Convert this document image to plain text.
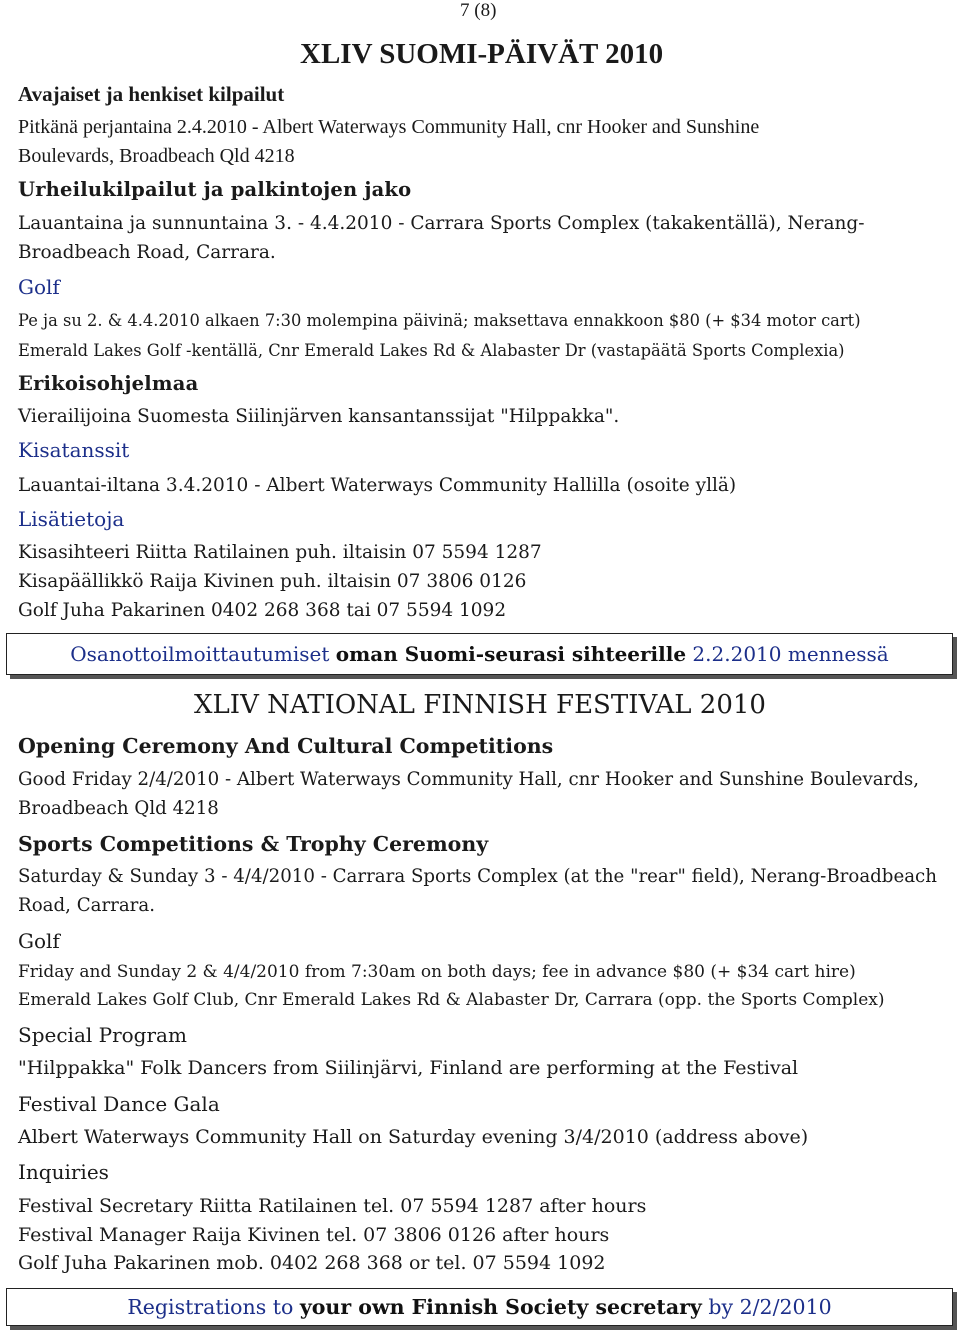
7 (8)
XLIV SUOMI-PÄIVÄT 2010
Avajaiset ja henkiset kilpailut
Pitkänä perjantaina 2.4.2010 - Albert Waterways Community Hall, cnr Hooker and Sunshine
Boulevards, Broadbeach Qld 4218
Urheilukilpailut ja palkintojen jako
Lauantaina ja sunnuntaina 3. - 4.4.2010 - Carrara Sports Complex (takakentällä), Nerang-
Broadbeach Road, Carrara.
Golf
Pe ja su 2. & 4.4.2010 alkaen 7:30 molempina päivinä; maksettava ennakkoon $80 (+ $34 motor cart)
Emerald Lakes Golf -kentällä, Cnr Emerald Lakes Rd & Alabaster Dr (vastapäätä Sports Complexia)
Erikoisohjelmaa
Vierailijoina Suomesta Siilinjärven kansantanssijat "Hilppakka".
Kisatanssit
Lauantai-iltana 3.4.2010 - Albert Waterways Community Hallilla (osoite yllä)
Lisätietoja
Kisasihteeri Riitta Ratilainen puh. iltaisin 07 5594 1287
Kisapäällikkö Raija Kivinen puh. iltaisin 07 3806 0126
Golf Juha Pakarinen 0402 268 368 tai 07 5594 1092
Osanottoilmoittautumiset oman Suomi-seurasi sihteerille 2.2.2010 mennessä
XLIV NATIONAL FINNISH FESTIVAL 2010
Opening Ceremony And Cultural Competitions
Good Friday 2/4/2010 - Albert Waterways Community Hall, cnr Hooker and Sunshine Boulevards,
Broadbeach Qld 4218
Sports Competitions & Trophy Ceremony
Saturday & Sunday 3 - 4/4/2010 - Carrara Sports Complex (at the "rear" field), Nerang-Broadbeach
Road, Carrara.
Golf
Friday and Sunday 2 & 4/4/2010 from 7:30am on both days; fee in advance $80 (+ $34 cart hire)
Emerald Lakes Golf Club, Cnr Emerald Lakes Rd & Alabaster Dr, Carrara (opp. the Sports Complex)
Special Program
"Hilppakka" Folk Dancers from Siilinjärvi, Finland are performing at the Festival
Festival Dance Gala
Albert Waterways Community Hall on Saturday evening 3/4/2010 (address above)
Inquiries
Festival Secretary Riitta Ratilainen tel. 07 5594 1287 after hours
Festival Manager Raija Kivinen tel. 07 3806 0126 after hours
Golf Juha Pakarinen mob. 0402 268 368 or tel. 07 5594 1092
Registrations to your own Finnish Society secretary by 2/2/2010
